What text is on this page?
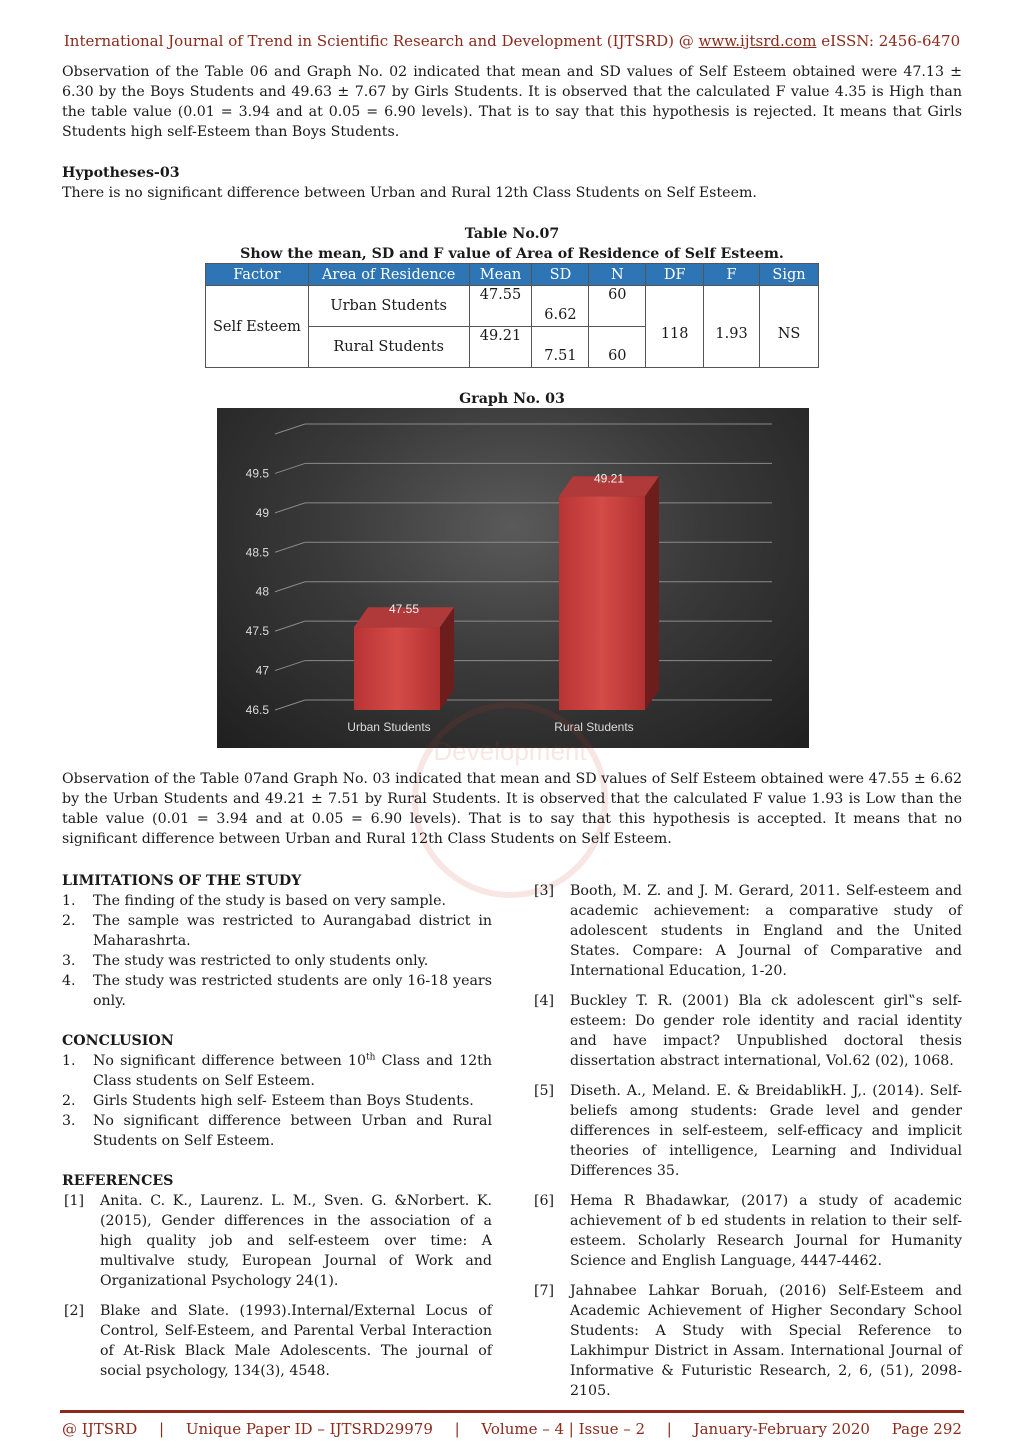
International Journal of Trend in Scientific Research and Development (IJTSRD) @ www.ijtsrd.com eISSN: 2456-6470

Observation of the Table 06 and Graph No. 02 indicated that mean and SD values of Self Esteem obtained were 47.13 ± 6.30 by the Boys Students and 49.63 ± 7.67 by Girls Students. It is observed that the calculated F value 4.35 is High than the table value (0.01 = 3.94 and at 0.05 = 6.90 levels). That is to say that this hypothesis is rejected. It means that Girls Students high self-Esteem than Boys Students.

Hypotheses-03

There is no significant difference between Urban and Rural 12th Class Students on Self Esteem.

Table No.07

Show the mean, SD and F value of Area of Residence of Self Esteem.

Factor	Area of Residence	Mean	SD	N	DF	F	Sign
Self Esteem	Urban Students	47.55	6.62	60	118	1.93	NS
	Rural Students	49.21	7.51	60			

Graph No. 03

46.5
47
47.5
48
48.5
49
49.5
47.55
Urban Students
49.21
Rural Students
Development

Observation of the Table 07and Graph No. 03 indicated that mean and SD values of Self Esteem obtained were 47.55 ± 6.62 by the Urban Students and 49.21 ± 7.51 by Rural Students. It is observed that the calculated F value 1.93 is Low than the table value (0.01 = 3.94 and at 0.05 = 6.90 levels). That is to say that this hypothesis is accepted. It means that no significant difference between Urban and Rural 12th Class Students on Self Esteem.

LIMITATIONS OF THE STUDY

1. The finding of the study is based on very sample.
2. The sample was restricted to Aurangabad district in Maharashrta.
3. The study was restricted to only students only.
4. The study was restricted students are only 16-18 years only.

CONCLUSION

1. No significant difference between 10th Class and 12th Class students on Self Esteem.
2. Girls Students high self- Esteem than Boys Students.
3. No significant difference between Urban and Rural Students on Self Esteem.

REFERENCES

[1] Anita. C. K., Laurenz. L. M., Sven. G. &Norbert. K. (2015), Gender differences in the association of a high quality job and self-esteem over time: A multivalve study, European Journal of Work and Organizational Psychology 24(1).
[2] Blake and Slate. (1993).Internal/External Locus of Control, Self-Esteem, and Parental Verbal Interaction of At-Risk Black Male Adolescents. The journal of social psychology, 134(3), 4548.
[3] Booth, M. Z. and J. M. Gerard, 2011. Self-esteem and academic achievement: a comparative study of adolescent students in England and the United States. Compare: A Journal of Comparative and International Education, 1-20.
[4] Buckley T. R. (2001) Bla ck adolescent girl‟s self-esteem: Do gender role identity and racial identity and have impact? Unpublished doctoral thesis dissertation abstract international, Vol.62 (02), 1068.
[5] Diseth. A., Meland. E. & BreidablikH. J,. (2014). Self-beliefs among students: Grade level and gender differences in self-esteem, self-efficacy and implicit theories of intelligence, Learning and Individual Differences 35.
[6] Hema R Bhadawkar, (2017) a study of academic achievement of b ed students in relation to their self-esteem. Scholarly Research Journal for Humanity Science and English Language, 4447-4462.
[7] Jahnabee Lahkar Boruah, (2016) Self-Esteem and Academic Achievement of Higher Secondary School Students: A Study with Special Reference to Lakhimpur District in Assam. International Journal of Informative & Futuristic Research, 2, 6, (51), 2098-2105.
@ IJTSRD | Unique Paper ID – IJTSRD29979 | Volume – 4 | Issue – 2 | January-February 2020 Page 292
